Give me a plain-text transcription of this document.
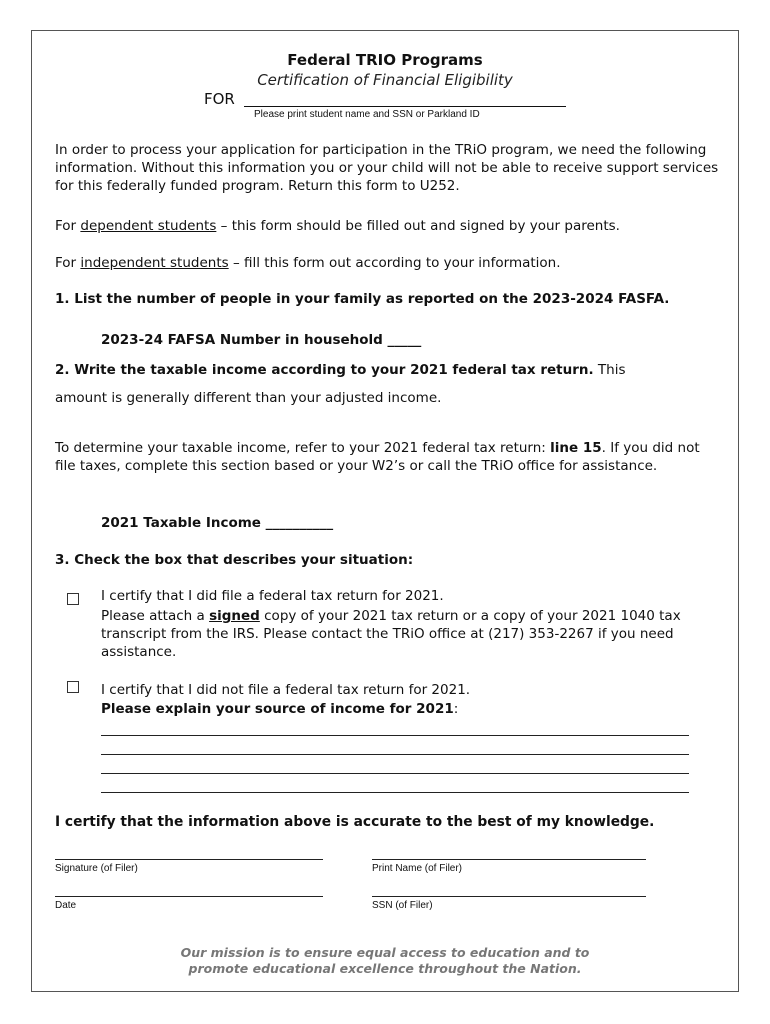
Federal TRIO Programs
Certification of Financial Eligibility
FOR
Please print student name and SSN or Parkland ID
In order to process your application for participation in the TRiO program, we need the following information. Without this information you or your child will not be able to receive support services for this federally funded program. Return this form to U252.
For dependent students – this form should be filled out and signed by your parents.
For independent students – fill this form out according to your information.
1. List the number of people in your family as reported on the 2023-2024 FASFA.
2023-24 FAFSA Number in household _____
2. Write the taxable income according to your 2021 federal tax return. This
amount is generally different than your adjusted income.
To determine your taxable income, refer to your 2021 federal tax return: line 15. If you did not file taxes, complete this section based or your W2’s or call the TRiO office for assistance.
2021 Taxable Income __________
3. Check the box that describes your situation:
I certify that I did file a federal tax return for 2021.
Please attach a signed copy of your 2021 tax return or a copy of your 2021 1040 tax transcript from the IRS. Please contact the TRiO office at (217) 353-2267 if you need assistance.
I certify that I did not file a federal tax return for 2021.
Please explain your source of income for 2021:
I certify that the information above is accurate to the best of my knowledge.
Signature (of Filer)	Print Name (of Filer)
Date	SSN (of Filer)
Our mission is to ensure equal access to education and to promote educational excellence throughout the Nation.
